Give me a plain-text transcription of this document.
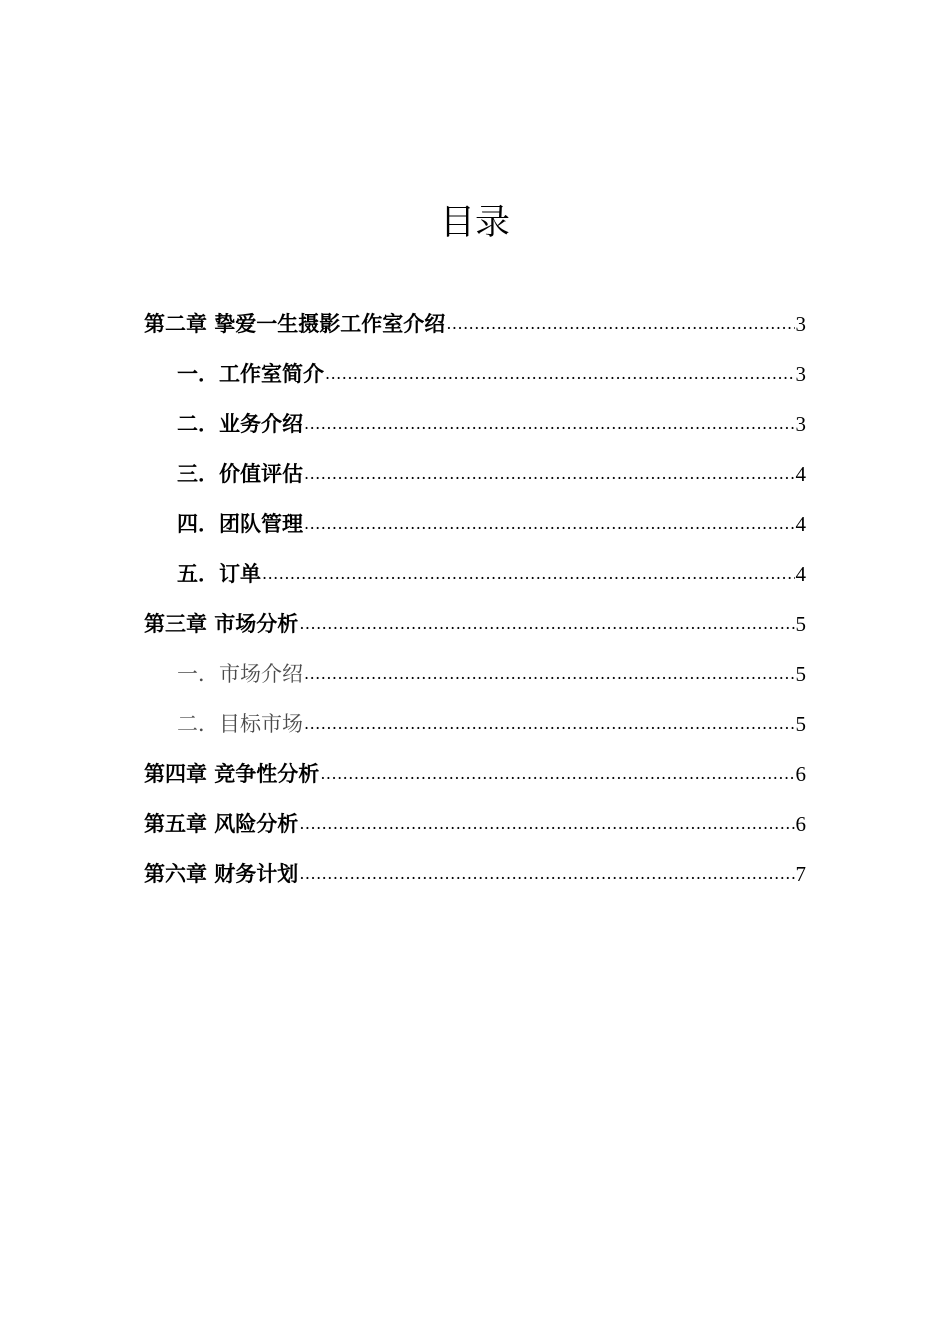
目录
第二章 挚爱一生摄影工作室介绍 .....	3
一．工作室简介 .....	3
二．业务介绍 .....	3
三．价值评估 .....	4
四．团队管理 .....	4
五．订单 .....	4
第三章 市场分析 .....	5
一．市场介绍 .....	5
二．目标市场 .....	5
第四章 竞争性分析 .....	6
第五章 风险分析 .....	6
第六章 财务计划 .....	7
